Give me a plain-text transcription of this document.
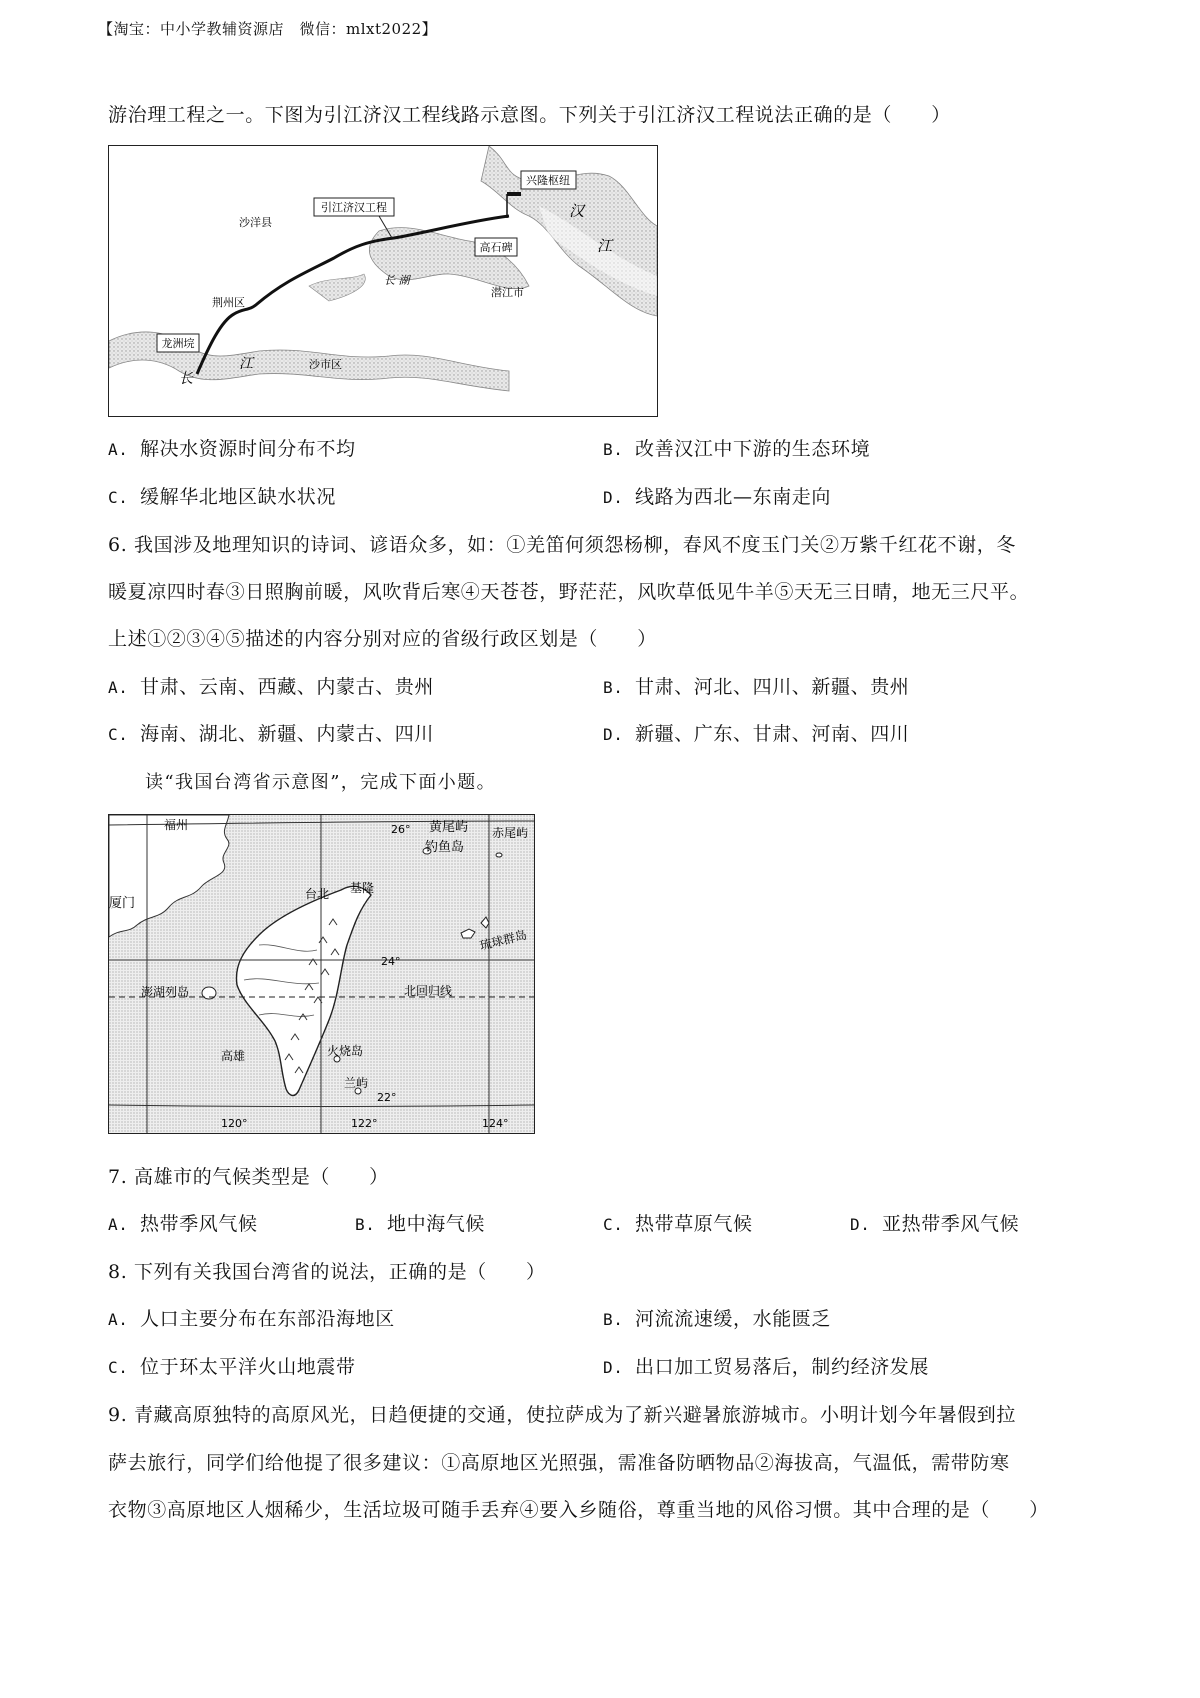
【淘宝：中小学教辅资源店　微信：mlxt2022】
游治理工程之一。下图为引江济汉工程线路示意图。下列关于引江济汉工程说法正确的是（　　）
兴隆枢纽
引江济汉工程
高石碑
龙洲垸
汉
江
沙洋县
荆州区
长 湖
潜江市
长
江	沙市区
A. 解决水资源时间分布不均	B. 改善汉江中下游的生态环境
C. 缓解华北地区缺水状况	D. 线路为西北—东南走向
6. 我国涉及地理知识的诗词、谚语众多，如：①羌笛何须怨杨柳，春风不度玉门关②万紫千红花不谢，冬
暖夏凉四时春③日照胸前暖，风吹背后寒④天苍苍，野茫茫，风吹草低见牛羊⑤天无三日晴，地无三尺平。
上述①②③④⑤描述的内容分别对应的省级行政区划是（　　）
A. 甘肃、云南、西藏、内蒙古、贵州	B. 甘肃、河北、四川、新疆、贵州
C. 海南、湖北、新疆、内蒙古、四川	D. 新疆、广东、甘肃、河南、四川
读“我国台湾省示意图”，完成下面小题。
福州	26° 黄尾屿
钓鱼岛
赤尾屿
台北 基隆
厦门
琉球群岛
24°
澎湖列岛	北回归线
高雄	火烧岛
兰屿
22°
120°	122°	124°
7. 高雄市的气候类型是（　　）
A. 热带季风气候	B. 地中海气候	C. 热带草原气候	D. 亚热带季风气候
8. 下列有关我国台湾省的说法，正确的是（　　）
A. 人口主要分布在东部沿海地区	B. 河流流速缓，水能匮乏
C. 位于环太平洋火山地震带	D. 出口加工贸易落后，制约经济发展
9. 青藏高原独特的高原风光，日趋便捷的交通，使拉萨成为了新兴避暑旅游城市。小明计划今年暑假到拉
萨去旅行，同学们给他提了很多建议：①高原地区光照强，需准备防晒物品②海拔高，气温低，需带防寒
衣物③高原地区人烟稀少，生活垃圾可随手丢弃④要入乡随俗，尊重当地的风俗习惯。其中合理的是（　　）
